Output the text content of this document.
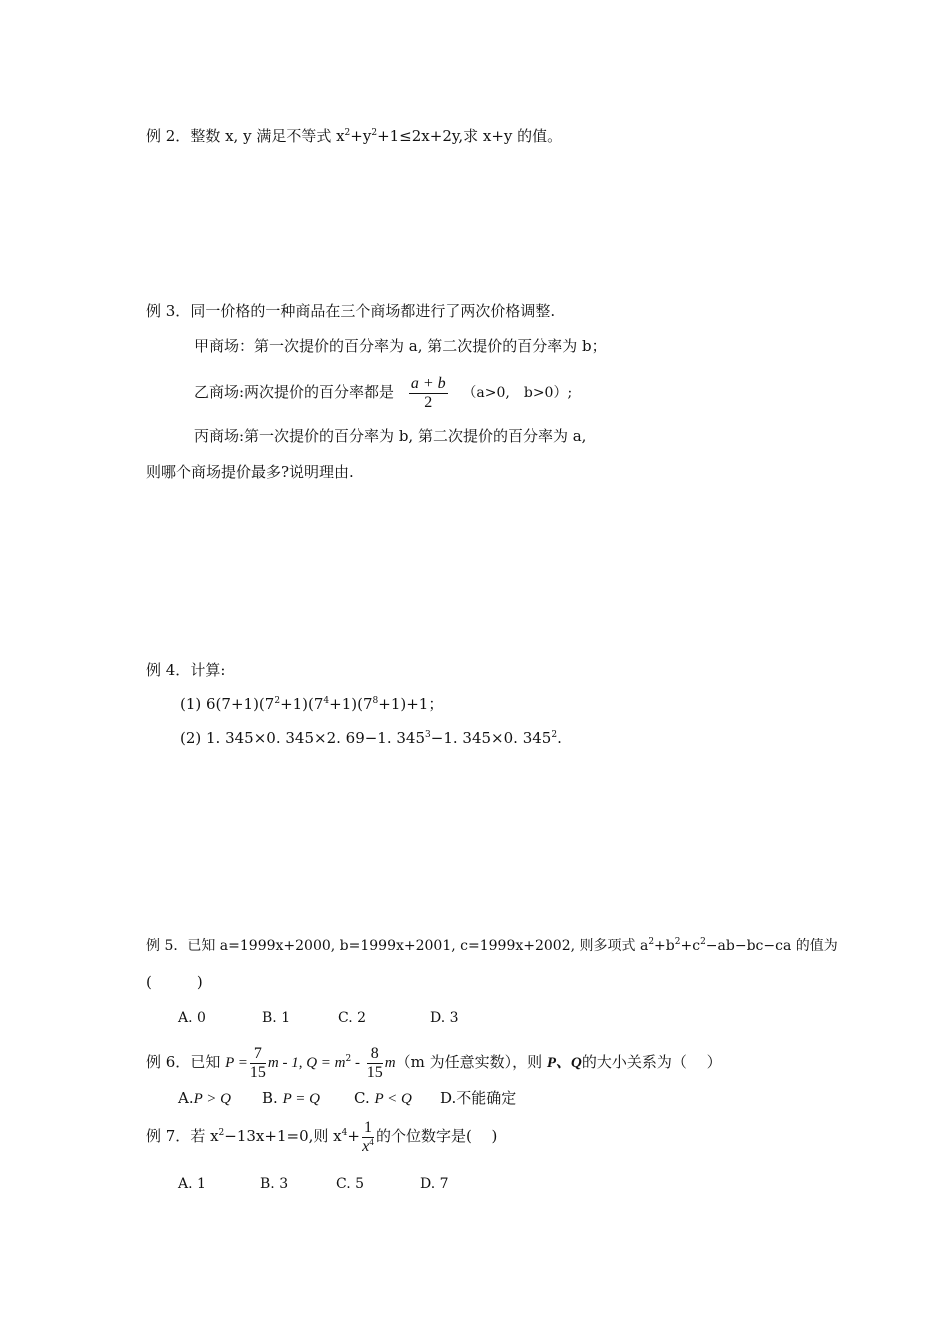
例 2．整数 x, y 满足不等式 $x^2+y^2+1\le 2x+2y$,求 x+y 的值。
例 3．同一价格的一种商品在三个商场都进行了两次价格调整.
甲商场：第一次提价的百分率为 a, 第二次提价的百分率为 b；
乙商场:两次提价的百分率都是 $\frac{a + b}{2} (a>0$,　b>0）;
丙商场:第一次提价的百分率为 b, 第二次提价的百分率为 a,
则哪个商场提价最多?说明理由.
例 4．计算:
(1) $6(7+1)(7^2+1)(7^4+1)(7^8+1)+1$；
(2) 1. 345×0. 345×2. 69−1. $345^3-1$. 345×0. $345^2$.
例 5．已知 a=1999x+2000, b=1999x+2001, c=1999x+2002, 则多项式 $a^2+b^2+c^2-ab-bc-ca$ 的值为
(　　　)
A. 0	B. 1	C. 2	D. 3
例 6．已知 $P = \frac{7}{15}$ m - 1, $Q = m^2 - \frac{8}{15} m(m$ 为任意实数），则 P、Q的大小关系为（　 ）
A.P > Q B. P = Q C. P < Q D.不能确定
例 7．若 $x^2-13x+1=0$,则 $x^4+ \frac{1}{x^4}$ 的个位数字是(　 )
A. 1	B. 3	C. 5	D. 7
